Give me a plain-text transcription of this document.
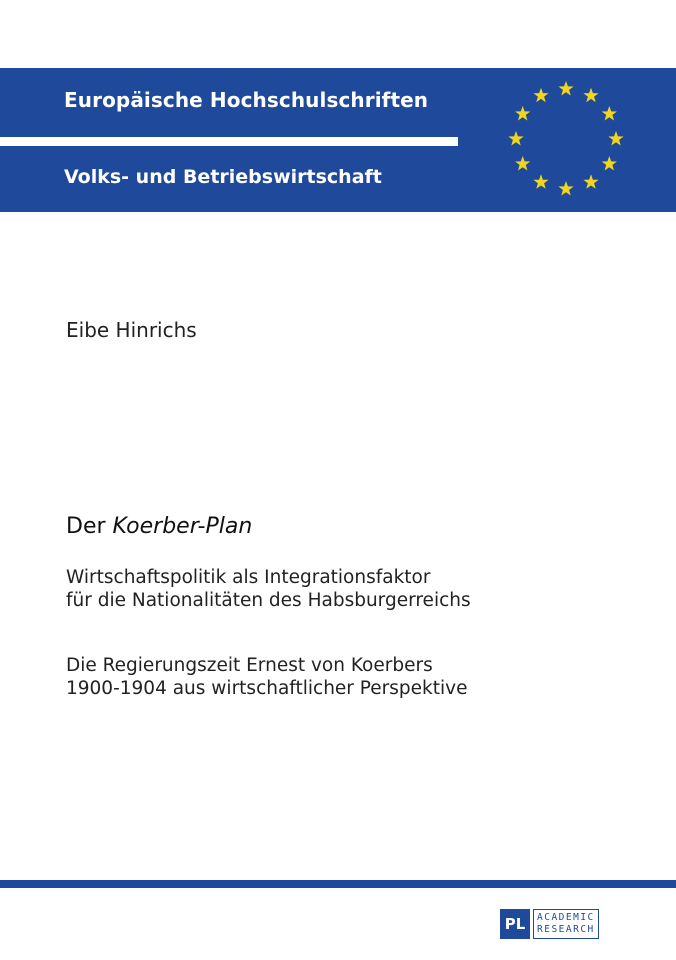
Europäische Hochschulschriften
Volks- und Betriebswirtschaft
Eibe Hinrichs
Der Koerber-Plan
Wirtschaftspolitik als Integrationsfaktor
für die Nationalitäten des Habsburgerreichs
Die Regierungszeit Ernest von Koerbers
1900-1904 aus wirtschaftlicher Perspektive
PL	ACADEMIC
RESEARCH
